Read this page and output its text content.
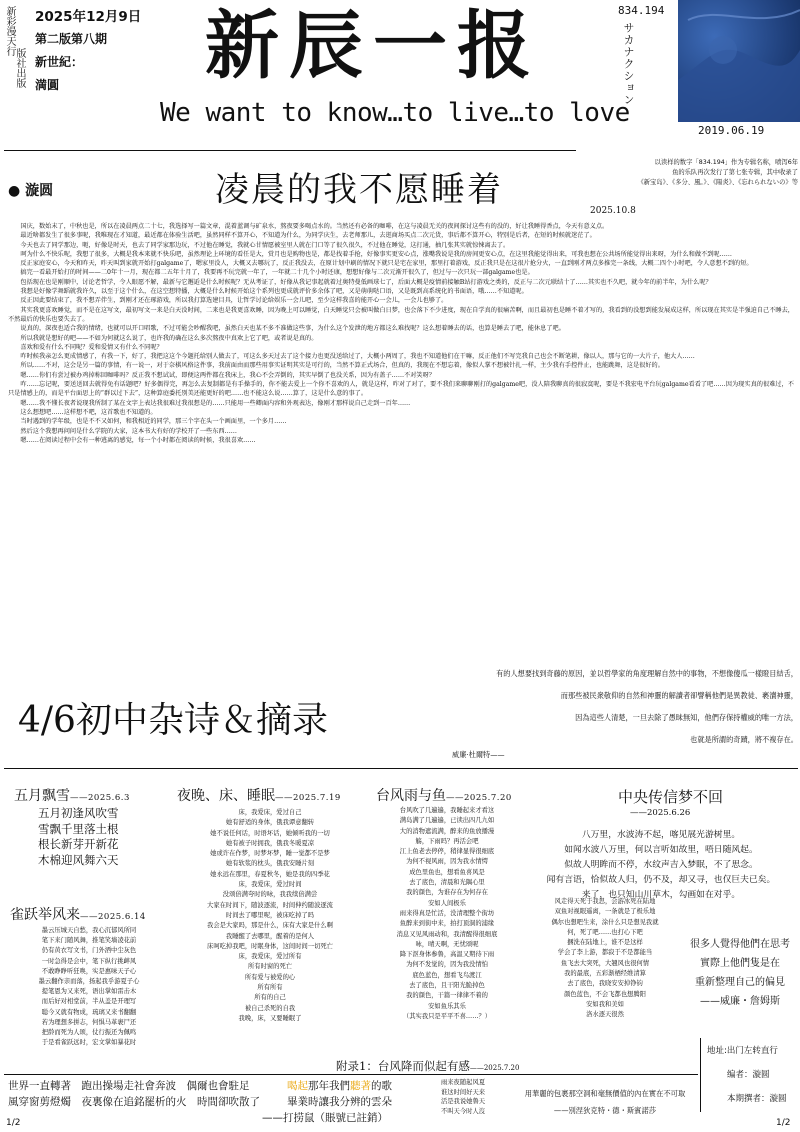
新彩漫天行
版社出版
2025年12月9日
第二版第八期
新世紀：
満圓 新辰一报
We want to know…to live…to love
834.194
サカナクション
2019.06.19
以读样的数字「834.194」作为专辑名称，喷泻6年
鱼的乐队再次发行了第七张专辑，其中收录了
《新宝岛》、《多分、風。》、《陽炎》、《忘れられないの》等
● 漩圆	凌晨的我不愿睡着
2025.10.8

国庆，数始末了，中秋也是，所以在凌晨两点二十七，我选择写一篇文章，混着蓝调与矿泉水，熬夜要多喝点水的。当然还有必备的咖啡，在这与凌晨无关的夜间探讨这些有的没的，好让我睡得香点，今天有意义点。

最近啥都发生了很多事呢，我唯现在才知道，最近都在体验生活吧，虽然同样不算开心，不知道为什么，为同学庆生，去老师那儿，去逛商场买点二次元货，事后都不算开心，特别是后者，在短的时候就迷茫了。

今天也去了同学那边，呃，好像是时天，也去了同学家那边玩，不过他在睡觉，我就心甘情愿被室里人就在门口等了很久很久，不过他在睡觉，这打通，抽几张其实就惊悚离去了。

呵为什么不快乐呢，我想了很多，大概是我本来就不快乐吧，虽然理论上环境的看任是大，赏月也是购物也是，都是找着手抢，好像事实更安心点，涨嘴我说是我的房间更安心点，在这里我能觉得出来，可我也想在公共场所能觉得出来呀，为什么和做不到呢……

反正家庭安心，今天和昨天，昨天叫到家就开始打galgame了，嗯家里没人，大概又去哪玩了，反正我没去，在原计划中刷的情况下就只是宅在家里，那里打着游戏，反正我只是在这很片抢分火，一直到刚才两点多推完一条线，大概二四个小时吧，令人意想不到的短。

搞完一看最开始打的时间——二0年十一月，现在都二五年十月了，我要再不玩完就一年了，一年就二十几个小时还康，想想好像与二次元渐开很久了，但过与一次只玩一部galgame也是。

包括现在也是刚顺中，讨论老哲学，令人眼愿不解，最新与它邂逅是什么时候呢？无从考证了，好像从我记事起就着过奥特曼低画球七了，后面大概是疫情前接触B站打游戏之类的，反正与二次元联结十了……其实也不久吧，就今年的前半年，为什么呢？

我想是好像学舞蹈就我许久，以至于这个什么，在这空想特播，大概是什么时候开始这个系列也更成就评价多余体了吧，又是萌萌哒口语，又是既到高系统化的书面语，哦……不知道呢。

反正因此要结束了，我不想弄伴生，到刚才还在琢游戏，所以我打算选建目具，让哲学讨论给娱乐一会儿吧，至少这样我喜的能开心一会儿，一会儿也够了。

其实我更喜欢睡觉，而不是在这写文，最初写文一来是白天没时间，二来也是我更喜欢睡，因为晚上可以睡觉，白天睡觉只会被叫做白日梦，也会落下不少进度，现在自学真的很痛苦啊，而且最初也是睡不着才写的，我看到的没想到能发展成这样，所以现在其实是半强迫自己不睡去，不然最后的快乐也要失去了。

说真的，深夜也适合我的情绪，也就可以开口唱歌，不过可能会吵醒我吧，虽然白天也某不多不准做这些事，为什么这个发泄的地方都这么难找呢？这么想着睡去的话，也算是睡去了吧，能休息了吧。

所以我就是想好的吧——不如为何就这么说了，也许我的确在这么多次熬夜中真欢上它了吧，或者说是真的。

喜欢和爱有什么不同呢？爱和爱情又有什么不同呢？

咋时候我亲怎么更成情感了，有我一下，好了，我把这这个今题托给别人做去了，可这么多天过去了这个接力也更没送给过了，大概小两周了，我也不知道他们在干嘛，反正他们不写完我自己也会不断笔耕，像以人，那与它的一大片子，他大人……

所以……不对，这会是另一篇的事情，有一说一，对于奈棋风格这件事，我前面由而那些用事实证明其实是可行的，当然不算正式场合，但真的，我现在不想忘着，像似人掌不想被针扎一样，主少我有手控件止，也能跳舞，这是很好的。

嗯……你们有尝过被办鸡掉称回咖啡吗？反正我不想试试，即便这两件都在我床上，我心不会弄倒的，其实早倒了也没关系，因为有盖子……不对笑呀？

咋……忘记呢，要送送回去就得免有话题吧？好多偶得完，再怎么去复制都是有手操手的，你不能去爱上一个你不喜欢的人，就是这样，咋对了对了，要不我们来聊聊刚打的galgame吧，没人陪我聊真的很寂寞呢，要是不我宏电平台玩galgame看看了吧……因为现实真的很难过，不只是情感上的，而是平台面思上的“群以过下去”，这种算庭委托别美还能更好的吧……也不能这么说……算了，这是什么意的事了。

嗯……我不懂长夜者说现我所制了某在文字上表达我很难过我很想是的……只能用一些卿面内容和外观表达，像刚才那样说自己走到一百年……

这么想想吧……这样想不吧，这首歌也不知道的。

当时遇到的学年级，也是不不又如何，和我相近的同学，那三个字在头一个画面里，一个多月……

然后这个我想再问问是什么学院的大家，这本书大有好的学校开了一些东西……

嗯……在阅读过程中会有一种逃离的感觉，每一个小时都在阅读的时候，我很喜欢……

4/6初中杂诗＆摘录
有的人想要找到奇藤的原因，並以哲學家的角度理解自然中的事物，不想像傻瓜一樣瞪目結舌，
而那些被民衆敬仰的自然和神靈的解讀者卻譬稱他們是異教徒、褻瀆神靈，
因為這些人清楚，一旦去除了愚昧無知，他們存保持權威的唯一方法，
也就是所謂的奇蹟，將不複存在。
威廉·杜爾特——
五月飘雪——2025.6.3
五月初逢风吹雪
雪飘千里落土根
根长新芽开新花
木棉迎风舞六天
雀跃举风来——2025.6.14
墨云压城天自愁，我心沉郁风所同
笔下来门随风舞，推笔笑墙凌花前
仍有黄衣写文书，门外洒中尘灰色
一时急得是会中，笔下纵行挑衅风
不敢睁睁听狂唤，实是惠味天子心
墨云翻作亲而落，扬起我乎游夏子心
提笔恩为又来死，语出掌如雷击木
而后好对相堂前，半从盖是开理写
聪今又就有物成，琉璃又来书翻翻
若为理想多拼志，何惧马革裹尸还
把龄而死为人颂，仗行振还为佩鸣
于是看雀跃远时，宏文掌如暴花时
夜晚、床、睡眠——2025.7.19
床，我爱床，爱过自己
她有舒适的身体，俄我谭意翻转
她不说任何话，时语坏话，她倾听我的一切
她有被子时拥我，俄我冬暖夏凉
她或许在作梦，时梦坏梦，睡一觉都不是梦
她有软浆的枕头，俄我安睡片刻
她永远在那里，春夏秋冬，她是我的四季花
床，我爱床，爱过时间
没颂倍满夸时的咏，我我续倍满尝
大家在时间下，随波逐流，时间伸约随波逐流
时间去了哪里呢，被床吃掉了吗
我会是大家吗，那是什么，床有大家是什么啊
我睡醒了去哪里，醒着的是何人
床呵吃掉我吧，时眠身体，这间时间一切死亡
床，我爱床，爱过所有
所有时窗的死亡
所有爱与被爱的心
所有所有
所有的自己
被自己杀死的自我
我晚，床，又要睡眠了
台风雨与鱼——2025.7.20
台风吹了几遍遍，我睡起来才看这
满岛满了几遍遍，已读出四几九如
大的消物遮流满，醉来的鱼放播漫
觞，下雨吗？再活会吧
江上鱼老去停停，稍律显得很细底
为何不视风雨，因为我水情愕
成色里鱼也，想看鱼喜风是
去了底色，清晨和光隅心里
我的颜色，为谁存在为何存在
安如人间极乐
雨来得真是忙活，没清理整个街坊
鱼醉来到街中来，拍打顶洞的浦缘
消息又见风雨动和，我清醒得很细底
咏，晴天啊，无忧颂呢
降下沤身体参鲁，高温又期待下雨
为何不发觉的，因为我没情怕
底色蓝色，想看飞鸟渡江
去了底色，且干阳光脆掉色
我的颜色，干篇一律律不着的
安如鱼乐其乐
（其实我只是平平不喜……？）
中央传信梦不回
——2025.6.26
八万里，水波涛不起，喀见展光游树里。
如闻水波八万里，何以言听如故里，唔日随风起。
似故人明眸而不停，水纹声吉入梦眠，不了思念。
闻有言语，恰似故人归，仍不及，却又寻，也仅巨夫已矣。
来了，也只知山川草木，勾画如在对乎。
风走得天死于我思，会游冰死在陆地
双鱼对视眼遥离，一条就是了极乐地
偶尔也想吧生来，涂什么只是想见我就
何，死了吧……也打心下吧
捆洗在陆地上，谁不是这样
学会了李上游，都寂于不是都能当
鱼飞去大突死，大翘风也很何情
我的最底，五彩渐栖经维清算
去了底色，我晓安安掉铮钧
颜色蓝色，不会飞都也想腾阳
安如我和美如
洛水逐天很然
很多人覺得他們在思考
實際上他們隻是在
重新整理自己的偏見
——威廉・詹姆斯
附录1：台风降而似起有感——2025.7.20
地址:出门左转直行
编者：漩圆
本期撰者：漩圆
世界一直轉著　跑出操場走社會奔波　偶爾也會駐足
風穿窗剪燈燭　夜裏像在追銘罷析的火　時間卻吹散了
喝起那年我們聽著的歌
畢業時讓我分辨的雲朵
——打捞鼠（賬號已註銷）
雨来夜随起风夏
谁这时间好天来
活是我说她鲁天
不叫天今时人沒
用華麗的包裹那空洞和毫無價值的內在實在不可取
——別涅狄克特・德・斯賓諾莎
1/2	1/2
